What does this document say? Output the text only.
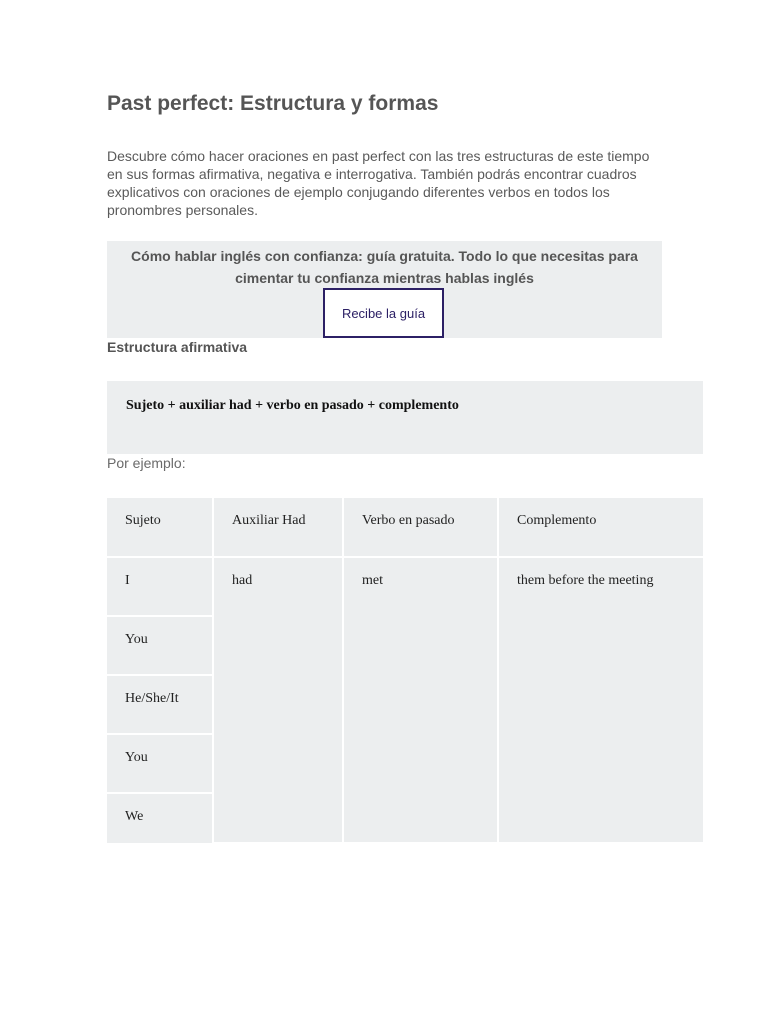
Past perfect: Estructura y formas

Descubre cómo hacer oraciones en past perfect con las tres estructuras de este tiempo en sus formas afirmativa, negativa e interrogativa. También podrás encontrar cuadros explicativos con oraciones de ejemplo conjugando diferentes verbos en todos los pronombres personales.

Cómo hablar inglés con confianza: guía gratuita. Todo lo que necesitas para cimentar tu confianza mientras hablas inglés

Recibe la guía
Estructura afirmativa

Sujeto + auxiliar had + verbo en pasado + complemento

Por ejemplo:

Sujeto	Auxiliar Had	Verbo en pasado	Complemento
I	had	met	them before the meeting
You			
He/She/It			
You			
We			
